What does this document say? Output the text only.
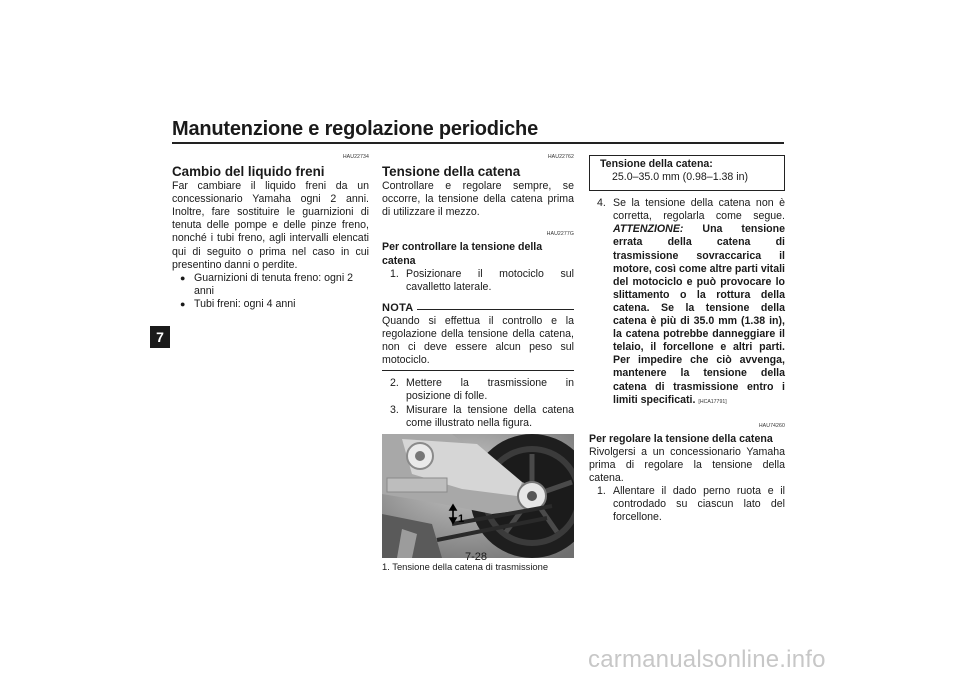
Manutenzione e regolazione periodiche
7
HAU22734
Cambio del liquido freni

Far cambiare il liquido freni da un concessionario Yamaha ogni 2 anni. Inoltre, fare sostituire le guarnizioni di tenuta delle pompe e delle pinze freno, nonché i tubi freno, agli intervalli elencati qui di seguito o prima nel caso in cui presentino danni o perdite.

● Guarnizioni di tenuta freno: ogni 2 anni
● Tubi freni: ogni 4 anni
HAU22762
Tensione della catena

Controllare e regolare sempre, se occorre, la tensione della catena prima di utilizzare il mezzo.

HAU2277G
Per controllare la tensione della catena
1. Posizionare il motociclo sul cavalletto laterale.
NOTA

Quando si effettua il controllo e la regolazione della tensione della catena, non ci deve essere alcun peso sul motociclo.

2. Mettere la trasmissione in posizione di folle.
3. Misurare la tensione della catena come illustrato nella figura.
1
1. Tensione della catena di trasmissione
Tensione della catena:
25.0–35.0 mm (0.98–1.38 in)
4. Se la tensione della catena non è corretta, regolarla come segue. ATTENZIONE: Una tensione errata della catena di trasmissione sovraccarica il motore, così come altre parti vitali del motociclo e può provocare lo slittamento o la rottura della catena. Se la tensione della catena è più di 35.0 mm (1.38 in), la catena potrebbe danneggiare il telaio, il forcellone e altri parti. Per impedire che ciò avvenga, mantenere la tensione della catena di trasmissione entro i limiti specificati. [HCA17791]
HAU74260
Per regolare la tensione della catena

Rivolgersi a un concessionario Yamaha prima di regolare la tensione della catena.

1. Allentare il dado perno ruota e il controdado su ciascun lato del forcellone.
7-28
carmanualsonline.info
